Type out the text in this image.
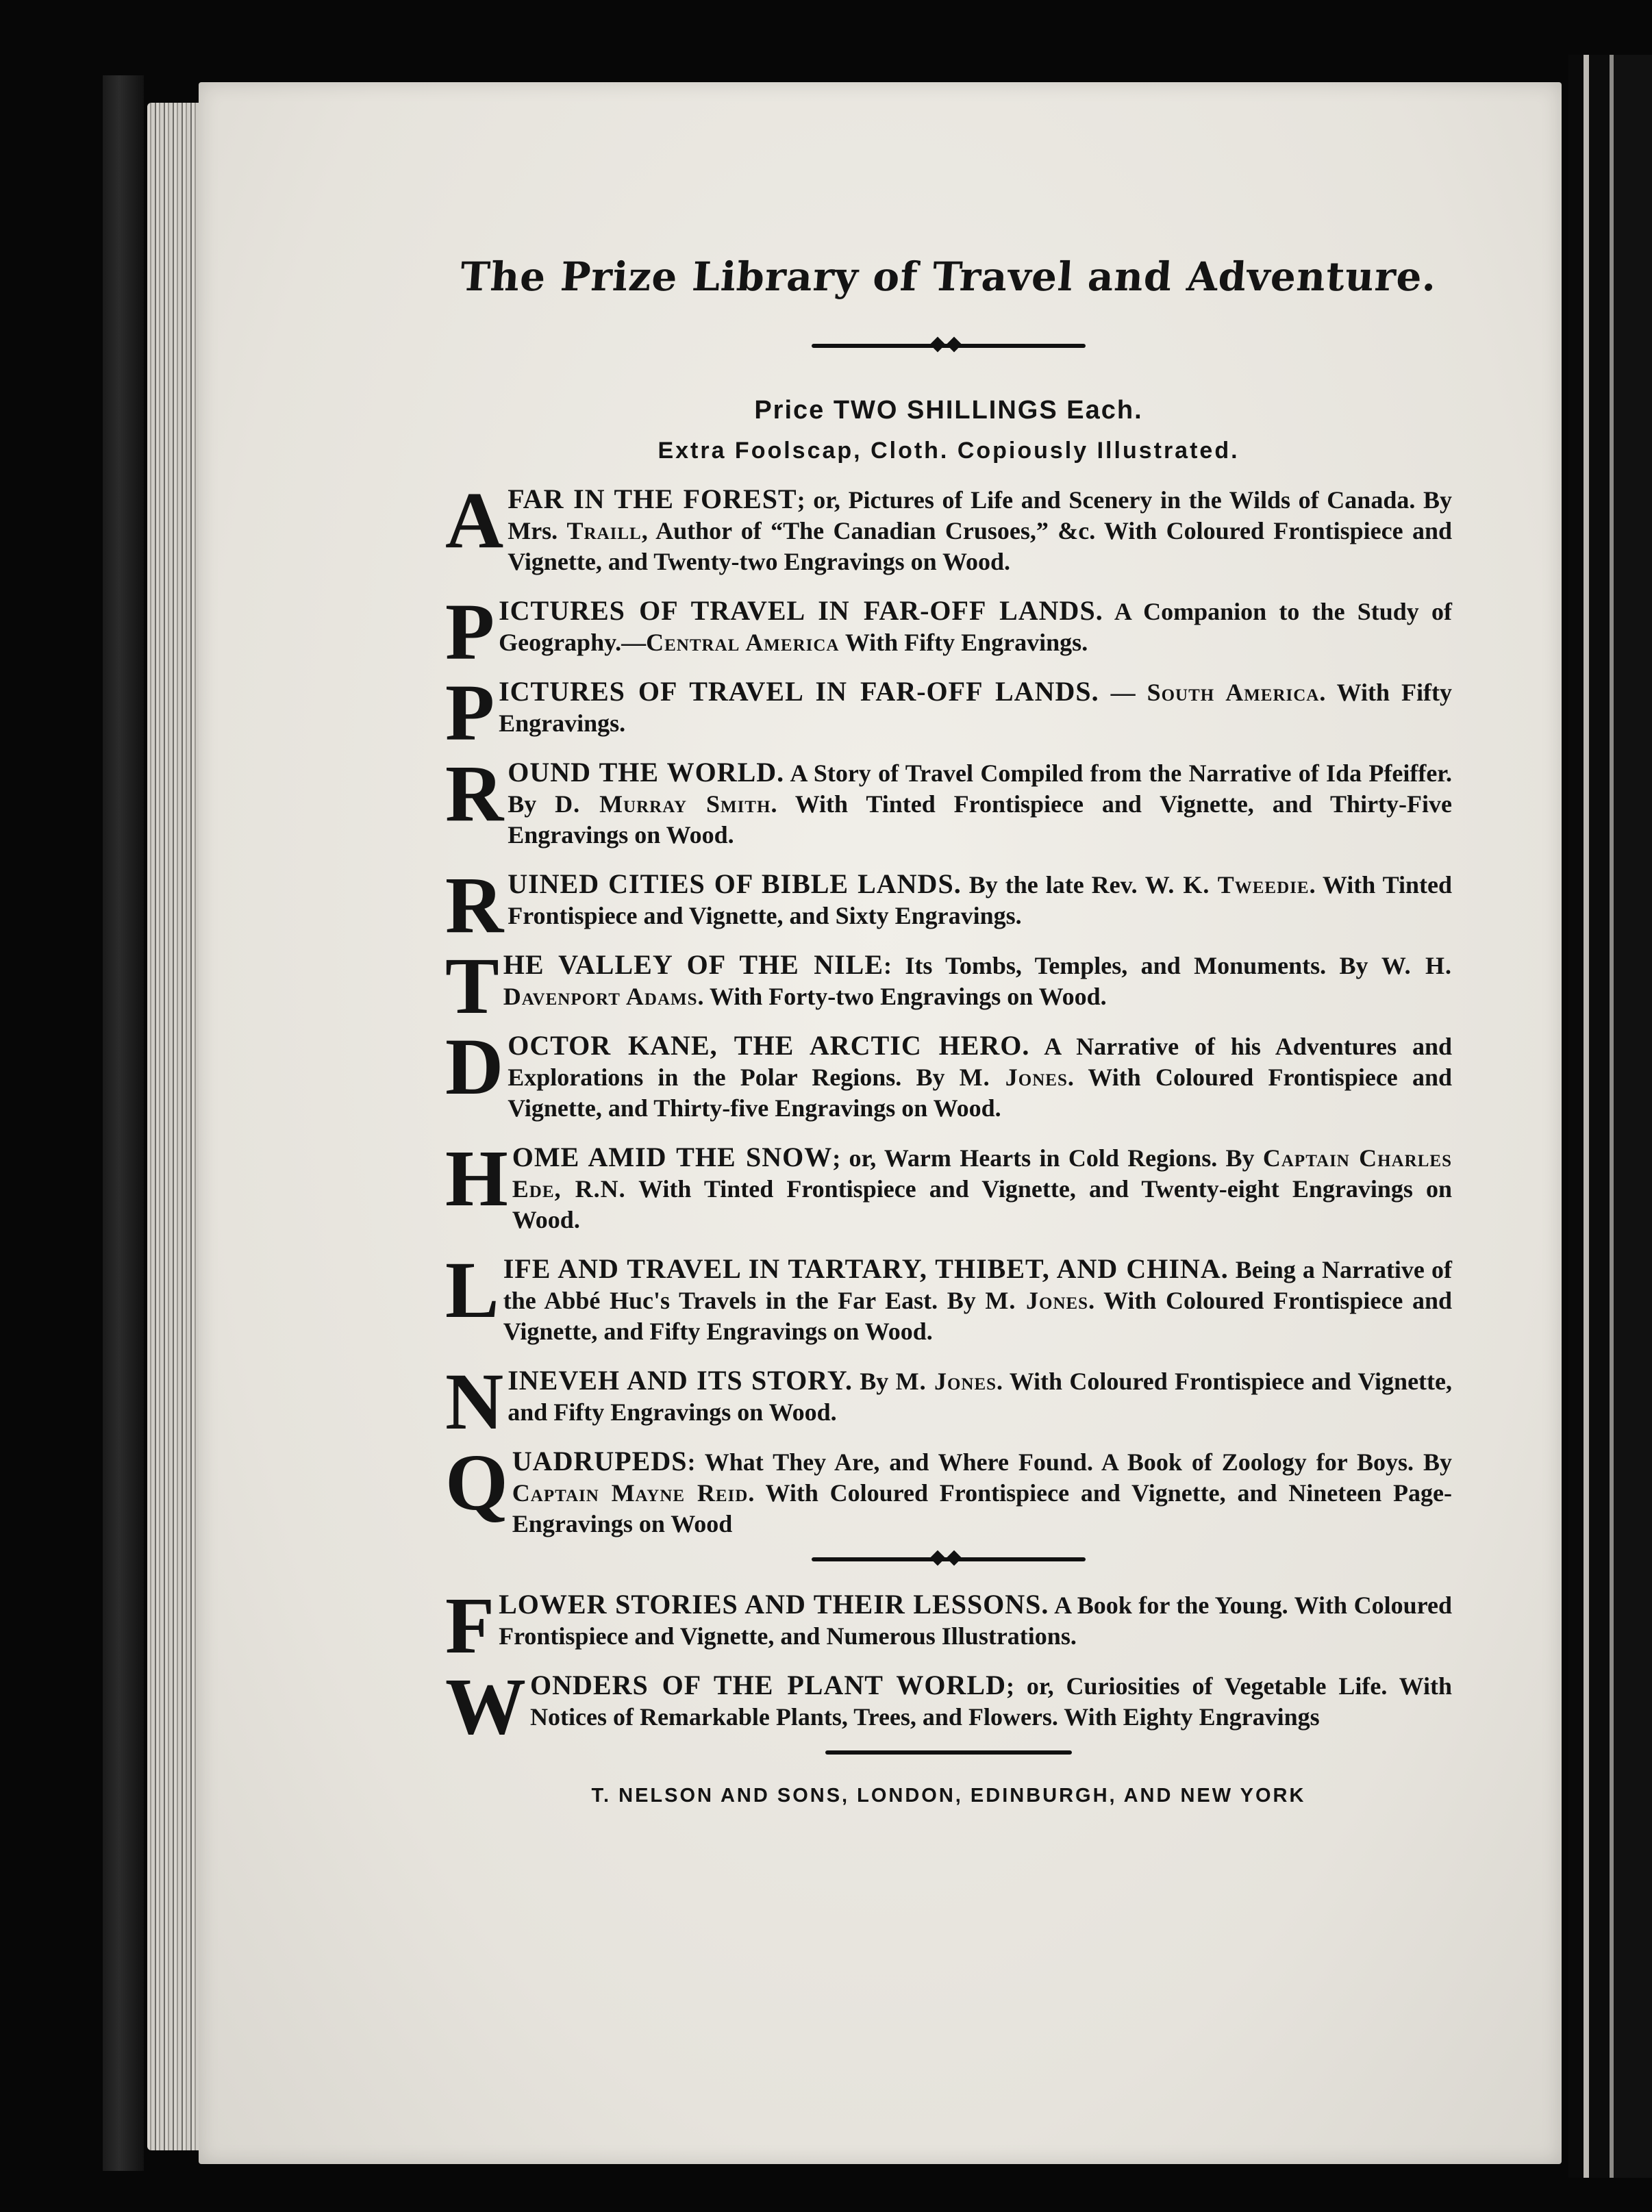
The Prize Library of Travel and Adventure.
Price TWO SHILLINGS Each.
Extra Foolscap, Cloth. Copiously Illustrated.
AFAR IN THE FOREST; or, Pictures of Life and Scenery in the Wilds of Canada. By Mrs. Traill, Author of “The Canadian Crusoes,” &c. With Coloured Frontispiece and Vignette, and Twenty-two Engravings on Wood.
PICTURES OF TRAVEL IN FAR-OFF LANDS. A Companion to the Study of Geography.—Central America With Fifty Engravings.
PICTURES OF TRAVEL IN FAR-OFF LANDS. — South America. With Fifty Engravings.
ROUND THE WORLD. A Story of Travel Compiled from the Narrative of Ida Pfeiffer. By D. Murray Smith. With Tinted Frontispiece and Vignette, and Thirty-Five Engravings on Wood.
RUINED CITIES OF BIBLE LANDS. By the late Rev. W. K. Tweedie. With Tinted Frontispiece and Vignette, and Sixty Engravings.
THE VALLEY OF THE NILE: Its Tombs, Temples, and Monuments. By W. H. Davenport Adams. With Forty-two Engravings on Wood.
DOCTOR KANE, THE ARCTIC HERO. A Narrative of his Adventures and Explorations in the Polar Regions. By M. Jones. With Coloured Frontispiece and Vignette, and Thirty-five Engravings on Wood.
HOME AMID THE SNOW; or, Warm Hearts in Cold Regions. By Captain Charles Ede, R.N. With Tinted Frontispiece and Vignette, and Twenty-eight Engravings on Wood.
LIFE AND TRAVEL IN TARTARY, THIBET, AND CHINA. Being a Narrative of the Abbé Huc's Travels in the Far East. By M. Jones. With Coloured Frontispiece and Vignette, and Fifty Engravings on Wood.
NINEVEH AND ITS STORY. By M. Jones. With Coloured Frontispiece and Vignette, and Fifty Engravings on Wood.
QUADRUPEDS: What They Are, and Where Found. A Book of Zoology for Boys. By Captain Mayne Reid. With Coloured Frontispiece and Vignette, and Nineteen Page-Engravings on Wood
FLOWER STORIES AND THEIR LESSONS. A Book for the Young. With Coloured Frontispiece and Vignette, and Numerous Illustrations.
WONDERS OF THE PLANT WORLD; or, Curiosities of Vegetable Life. With Notices of Remarkable Plants, Trees, and Flowers. With Eighty Engravings
T. NELSON AND SONS, LONDON, EDINBURGH, AND NEW YORK
